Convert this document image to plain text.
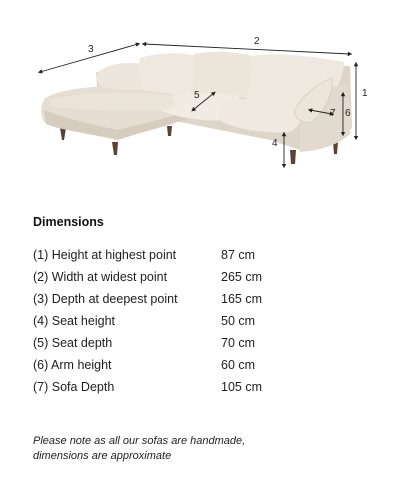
1
2
3
4
5
6
7
Dimensions
(1) Height at highest point	87 cm
(2) Width at widest point	265 cm
(3) Depth at deepest point	165 cm
(4) Seat height	50 cm
(5) Seat depth	70 cm
(6) Arm height	60 cm
(7) Sofa Depth	105 cm
Please note as all our sofas are handmade,
dimensions are approximate
